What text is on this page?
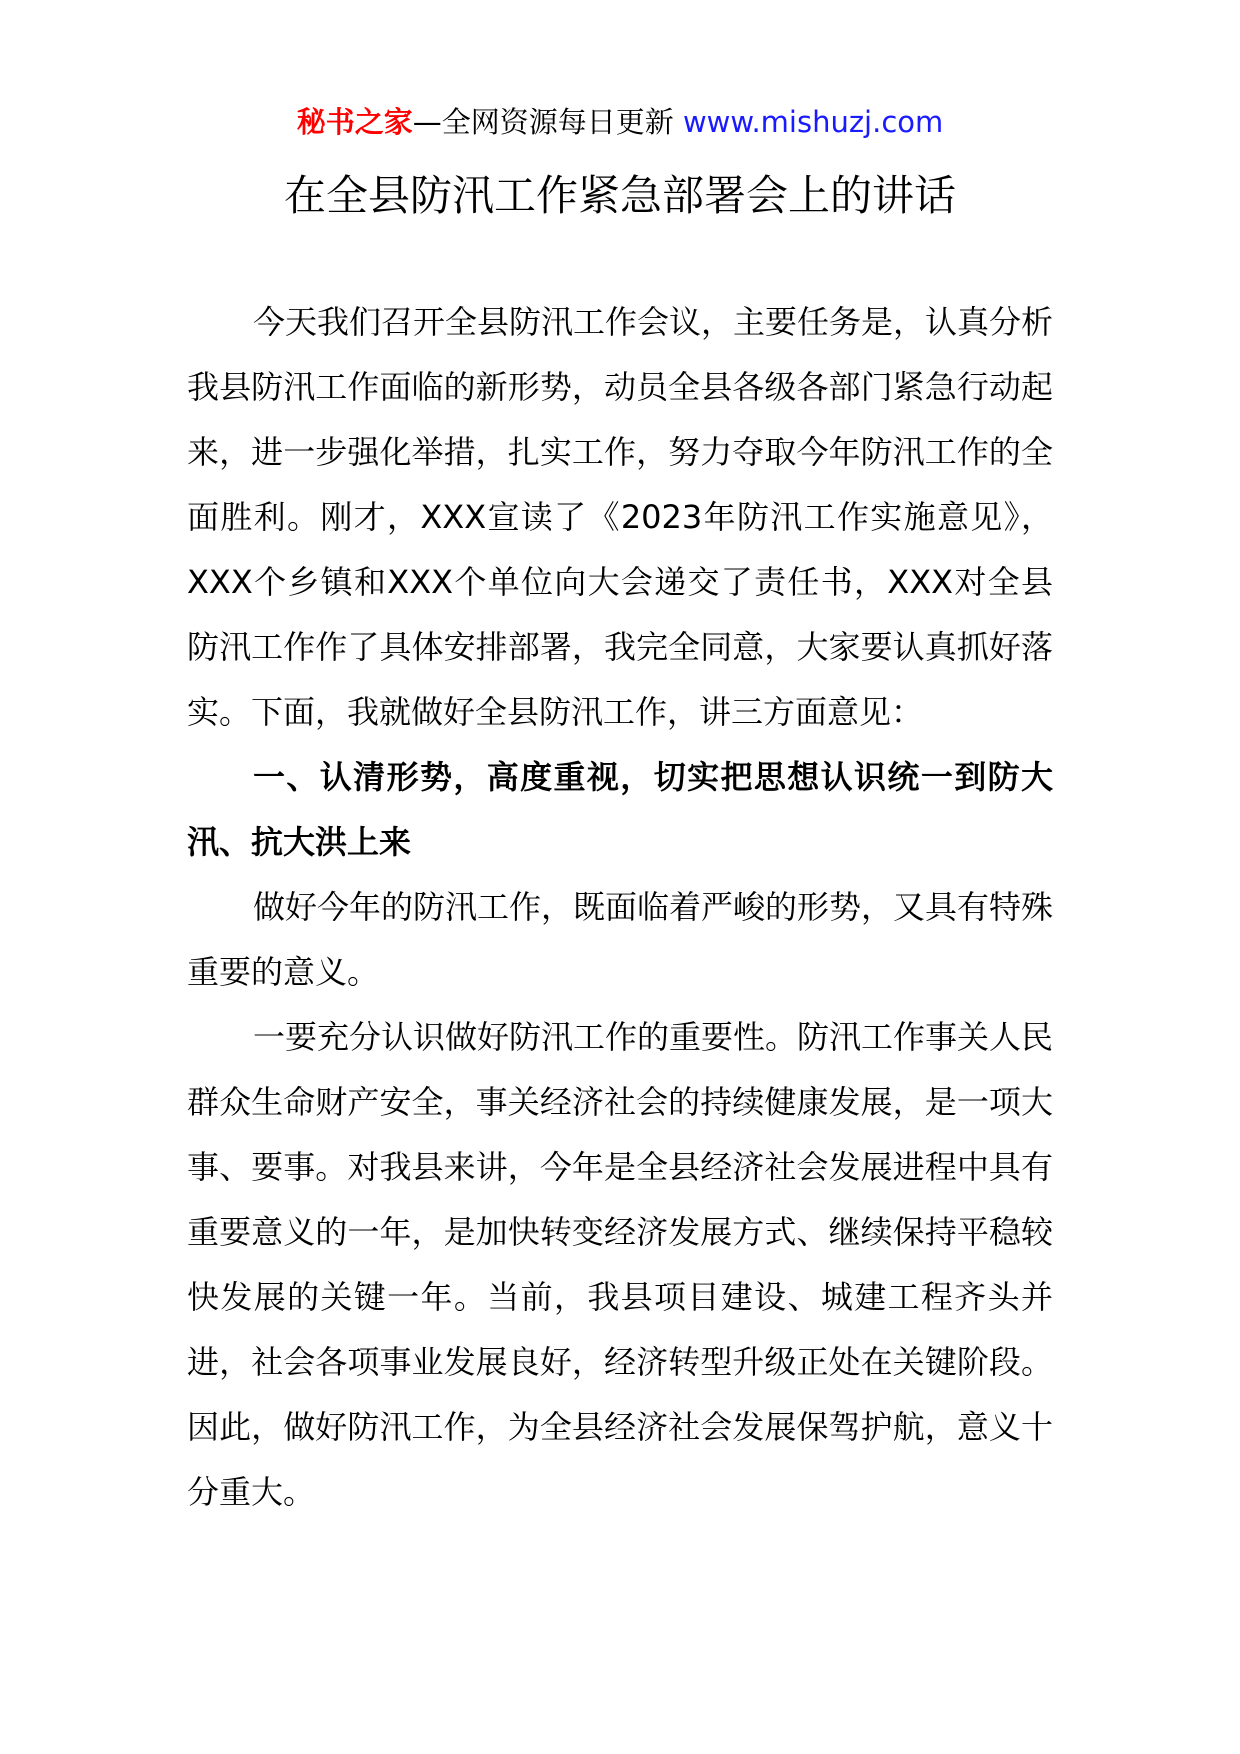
秘书之家—全网资源每日更新 www.mishuzj.com
在全县防汛工作紧急部署会上的讲话

今天我们召开全县防汛工作会议，主要任务是，认真分析我县防汛工作面临的新形势，动员全县各级各部门紧急行动起来，进一步强化举措，扎实工作，努力夺取今年防汛工作的全面胜利。刚才，XXX宣读了《2023年防汛工作实施意见》，XXX个乡镇和XXX个单位向大会递交了责任书，XXX对全县防汛工作作了具体安排部署，我完全同意，大家要认真抓好落实。下面，我就做好全县防汛工作，讲三方面意见：

一、认清形势，高度重视，切实把思想认识统一到防大汛、抗大洪上来

做好今年的防汛工作，既面临着严峻的形势，又具有特殊重要的意义。

一要充分认识做好防汛工作的重要性。防汛工作事关人民群众生命财产安全，事关经济社会的持续健康发展，是一项大事、要事。对我县来讲，今年是全县经济社会发展进程中具有重要意义的一年，是加快转变经济发展方式、继续保持平稳较快发展的关键一年。当前，我县项目建设、城建工程齐头并进，社会各项事业发展良好，经济转型升级正处在关键阶段。因此，做好防汛工作，为全县经济社会发展保驾护航，意义十分重大。
